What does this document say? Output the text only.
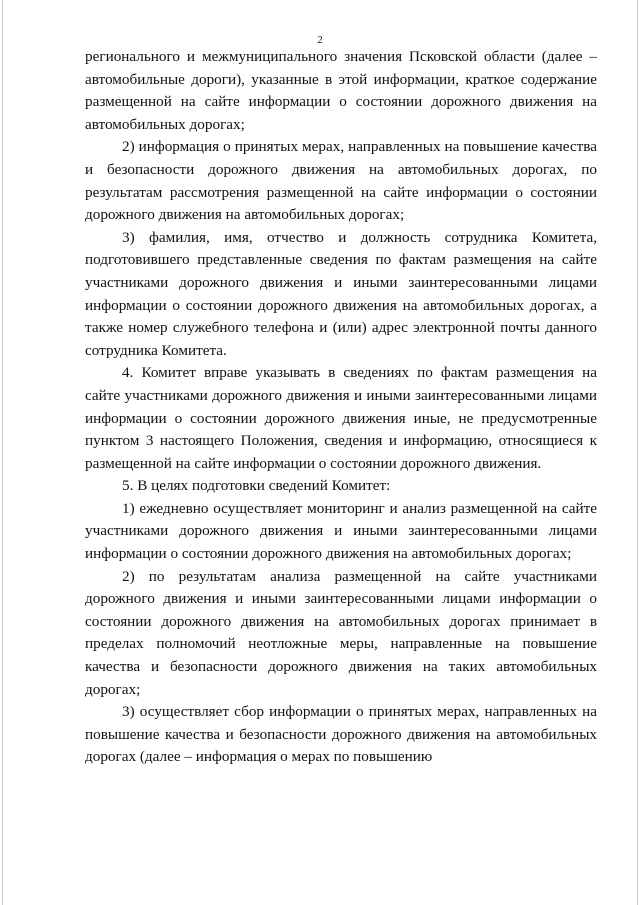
2

регионального и межмуниципального значения Псковской области (далее – автомобильные дороги), указанные в этой информации, краткое содержание размещенной на сайте информации о состоянии дорожного движения на автомобильных дорогах;

2) информация о принятых мерах, направленных на повышение качества и безопасности дорожного движения на автомобильных дорогах, по результатам рассмотрения размещенной на сайте информации о состоянии дорожного движения на автомобильных дорогах;

3) фамилия, имя, отчество и должность сотрудника Комитета, подготовившего представленные сведения по фактам размещения на сайте участниками дорожного движения и иными заинтересованными лицами информации о состоянии дорожного движения на автомобильных дорогах, а также номер служебного телефона и (или) адрес электронной почты данного сотрудника Комитета.

4. Комитет вправе указывать в сведениях по фактам размещения на сайте участниками дорожного движения и иными заинтересованными лицами информации о состоянии дорожного движения иные, не предусмотренные пунктом 3 настоящего Положения, сведения и информацию, относящиеся к размещенной на сайте информации о состоянии дорожного движения.

5. В целях подготовки сведений Комитет:

1) ежедневно осуществляет мониторинг и анализ размещенной на сайте участниками дорожного движения и иными заинтересованными лицами информации о состоянии дорожного движения на автомобильных дорогах;

2) по результатам анализа размещенной на сайте участниками дорожного движения и иными заинтересованными лицами информации о состоянии дорожного движения на автомобильных дорогах принимает в пределах полномочий неотложные меры, направленные на повышение качества и безопасности дорожного движения на таких автомобильных дорогах;

3) осуществляет сбор информации о принятых мерах, направленных на повышение качества и безопасности дорожного движения на автомобильных дорогах (далее – информация о мерах по повышению
